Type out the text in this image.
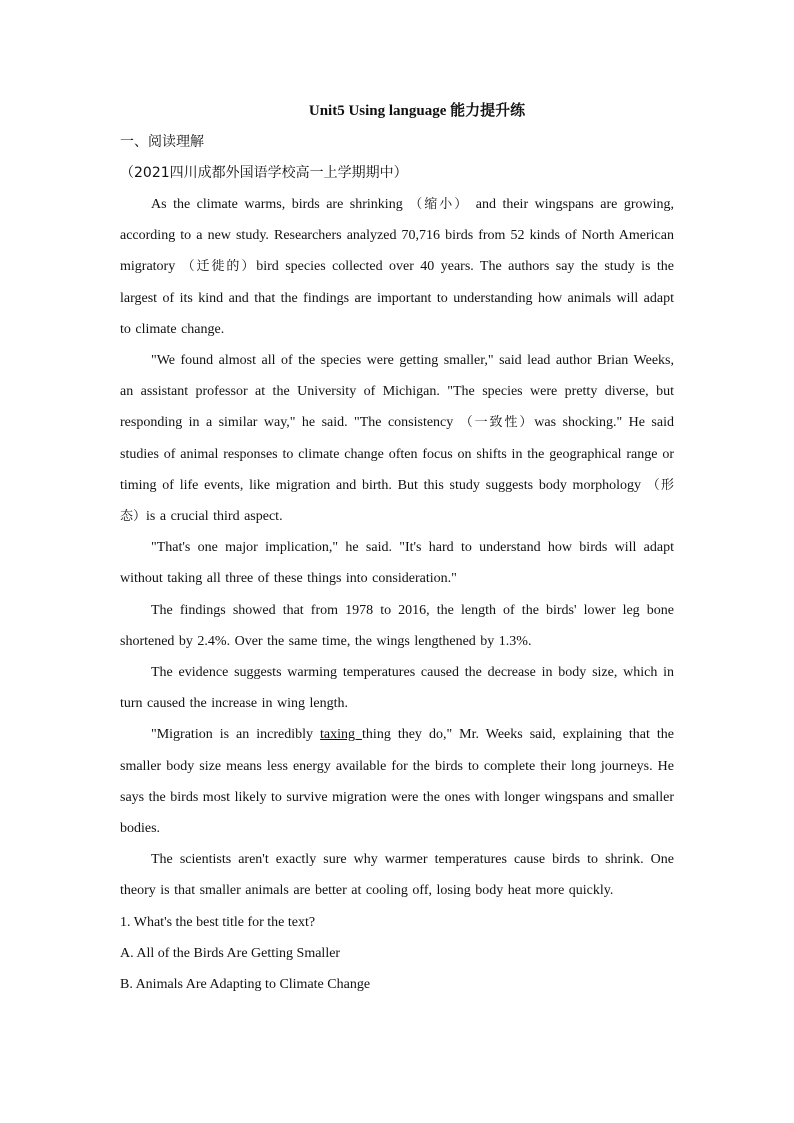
Unit5 Using language 能力提升练

一、阅读理解

（2021四川成都外国语学校高一上学期期中）

As the climate warms, birds are shrinking （缩小） and their wingspans are growing, according to a new study. Researchers analyzed 70,716 birds from 52 kinds of North American migratory （迁徙的）bird species collected over 40 years. The authors say the study is the largest of its kind and that the findings are important to understanding how animals will adapt to climate change.

"We found almost all of the species were getting smaller," said lead author Brian Weeks, an assistant professor at the University of Michigan. "The species were pretty diverse, but responding in a similar way," he said. "The consistency （一致性）was shocking." He said studies of animal responses to climate change often focus on shifts in the geographical range or timing of life events, like migration and birth. But this study suggests body morphology （形态）is a crucial third aspect.

"That's one major implication," he said. "It's hard to understand how birds will adapt without taking all three of these things into consideration."

The findings showed that from 1978 to 2016, the length of the birds' lower leg bone shortened by 2.4%. Over the same time, the wings lengthened by 1.3%.

The evidence suggests warming temperatures caused the decrease in body size, which in turn caused the increase in wing length.

"Migration is an incredibly taxing thing they do," Mr. Weeks said, explaining that the smaller body size means less energy available for the birds to complete their long journeys. He says the birds most likely to survive migration were the ones with longer wingspans and smaller bodies.

The scientists aren't exactly sure why warmer temperatures cause birds to shrink. One theory is that smaller animals are better at cooling off, losing body heat more quickly.

1. What's the best title for the text?

A. All of the Birds Are Getting Smaller

B. Animals Are Adapting to Climate Change
